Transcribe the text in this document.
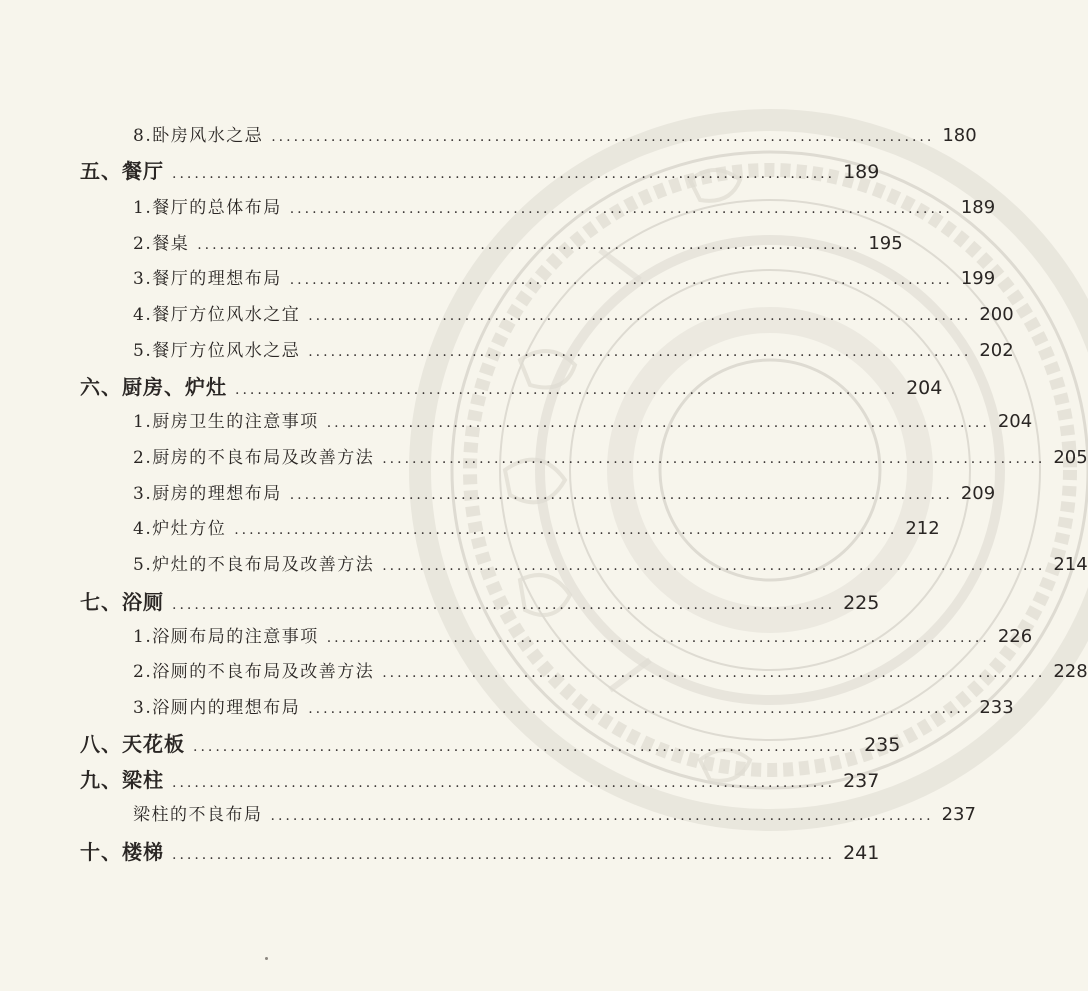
8.卧房风水之忌 ......................................................................................... 180
五、餐厅 ......................................................................................... 189
1.餐厅的总体布局 ......................................................................................... 189
2.餐桌 ......................................................................................... 195
3.餐厅的理想布局 ......................................................................................... 199
4.餐厅方位风水之宜 ......................................................................................... 200
5.餐厅方位风水之忌 ......................................................................................... 202
六、厨房、炉灶 ......................................................................................... 204
1.厨房卫生的注意事项 ......................................................................................... 204
2.厨房的不良布局及改善方法 ......................................................................................... 205
3.厨房的理想布局 ......................................................................................... 209
4.炉灶方位 ......................................................................................... 212
5.炉灶的不良布局及改善方法 ......................................................................................... 214
七、浴厕 ......................................................................................... 225
1.浴厕布局的注意事项 ......................................................................................... 226
2.浴厕的不良布局及改善方法 ......................................................................................... 228
3.浴厕内的理想布局 ......................................................................................... 233
八、天花板 ......................................................................................... 235
九、梁柱 ......................................................................................... 237
梁柱的不良布局 ......................................................................................... 237
十、楼梯 ......................................................................................... 241
